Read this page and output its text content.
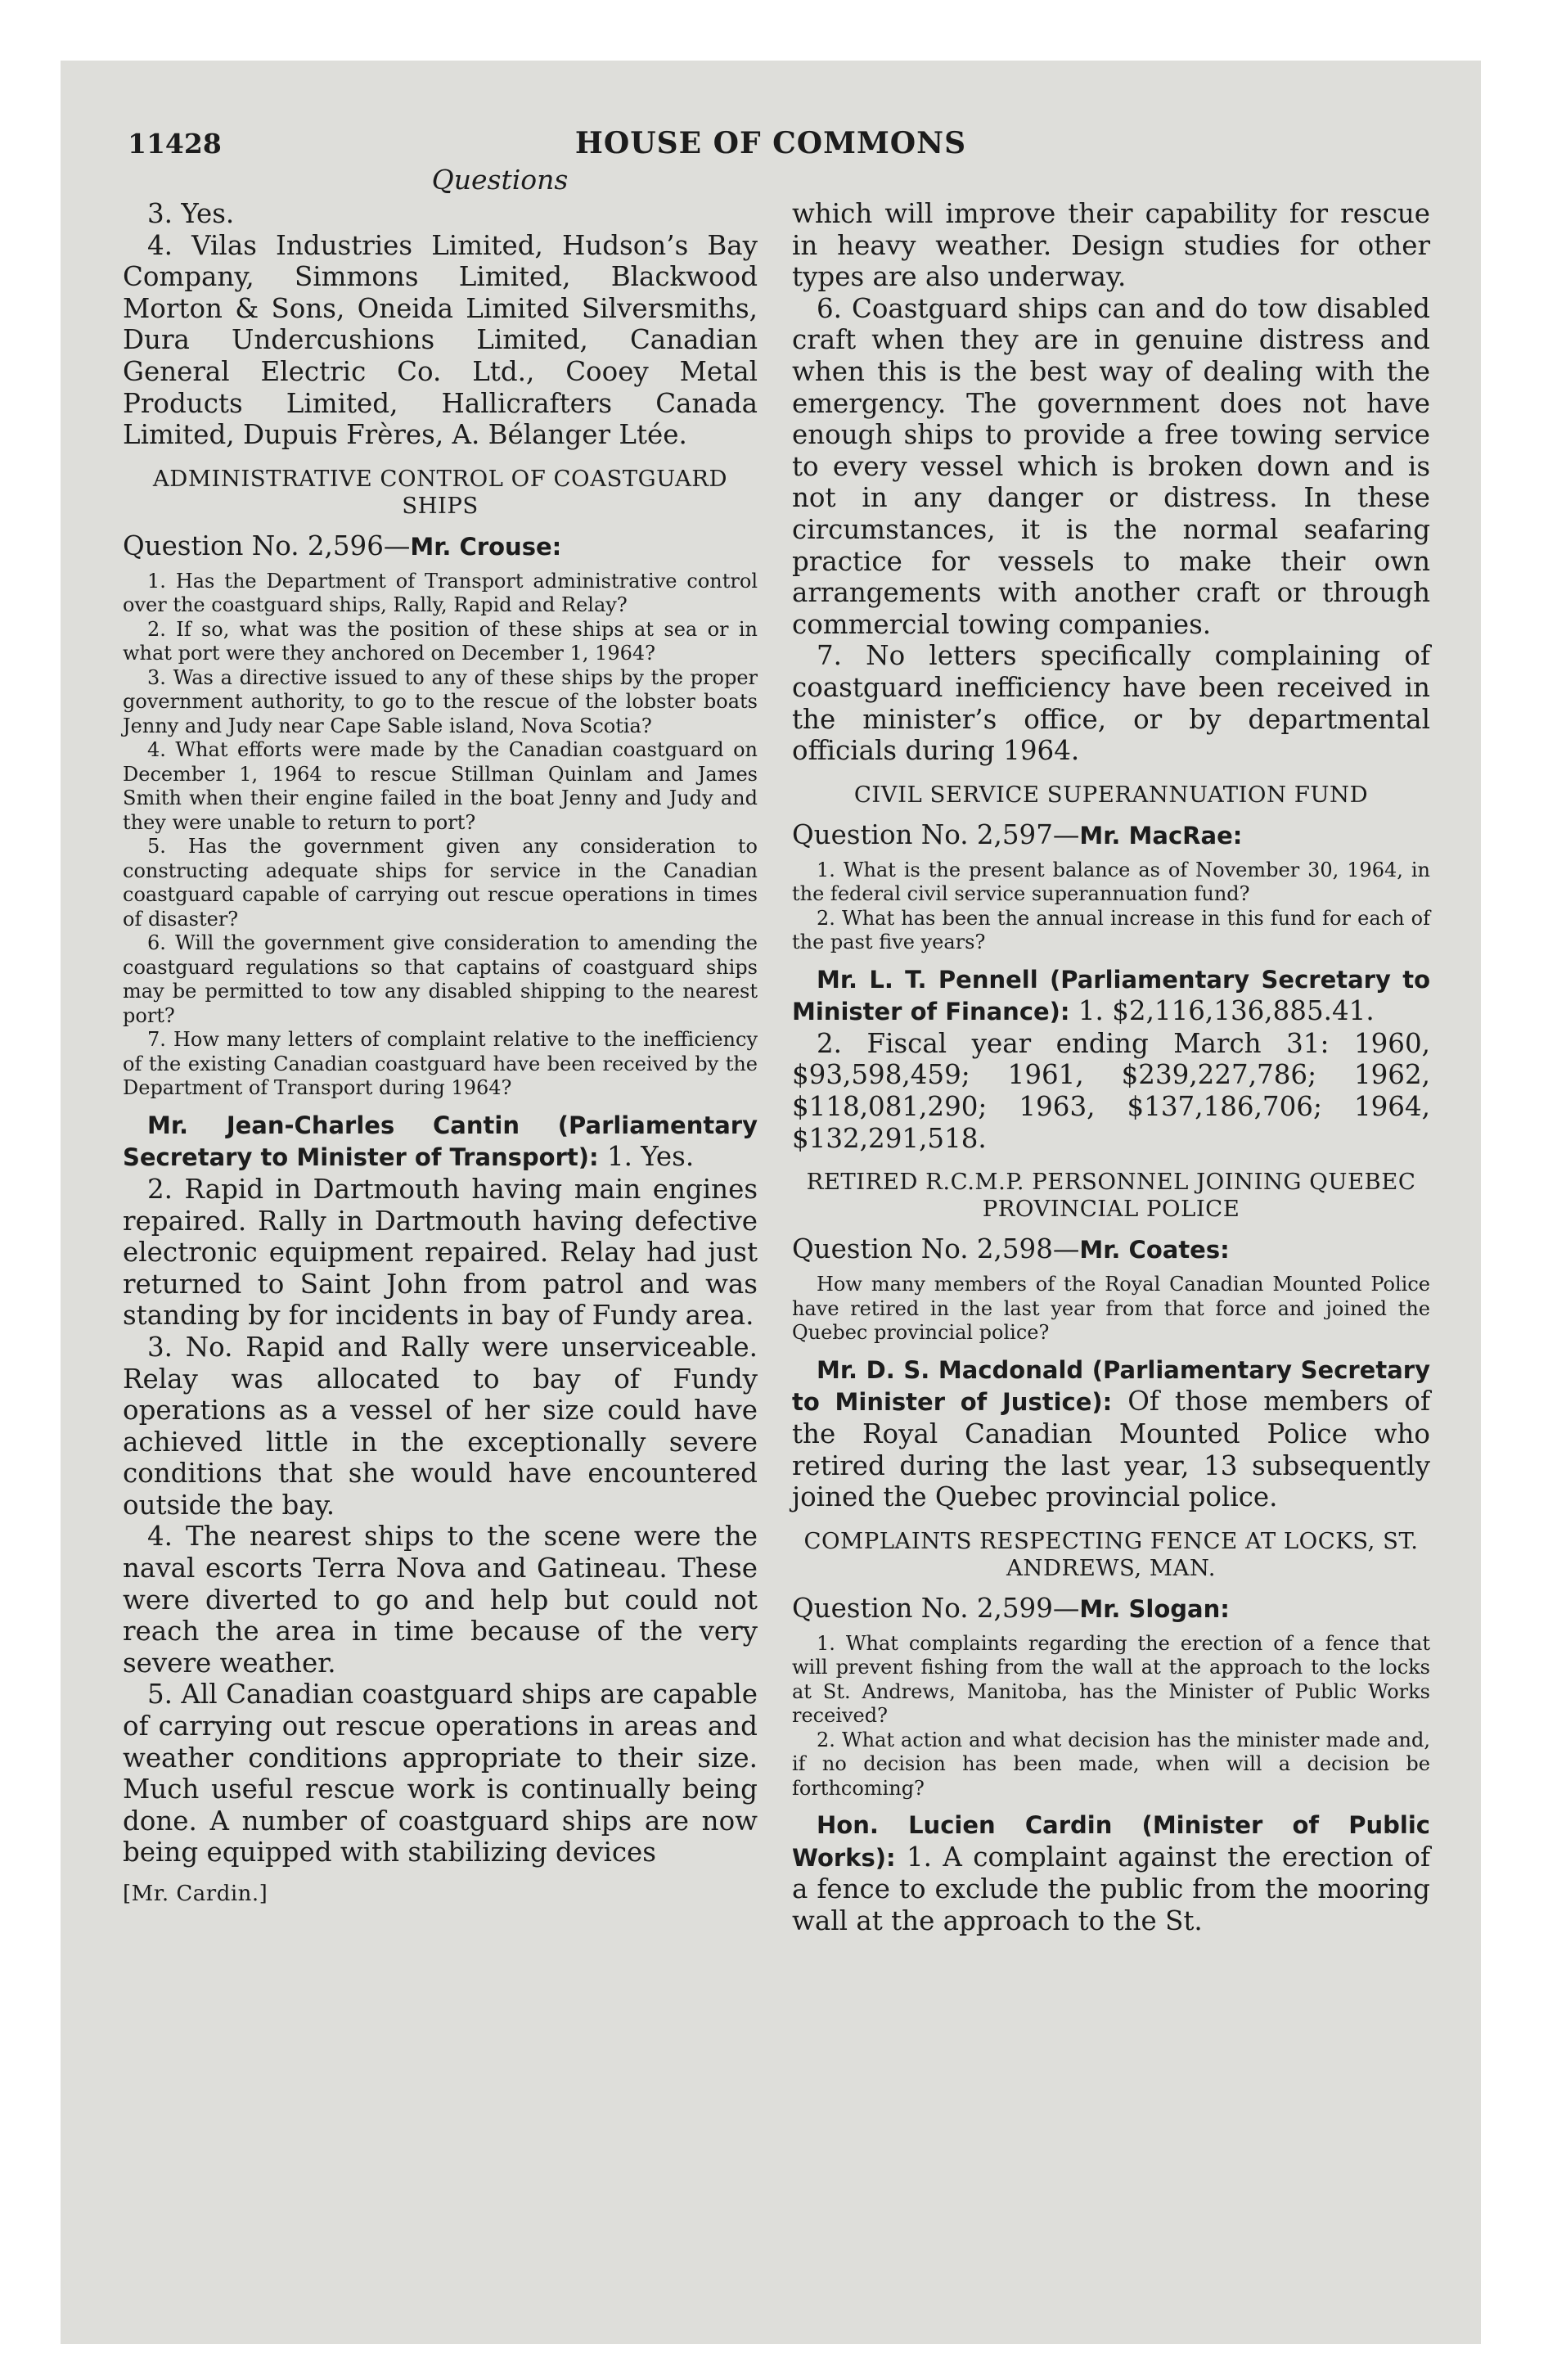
11428	HOUSE OF COMMONS
Questions

3. Yes.

4. Vilas Industries Limited, Hudson’s Bay Company, Simmons Limited, Blackwood Morton & Sons, Oneida Limited Silversmiths, Dura Undercushions Limited, Canadian General Electric Co. Ltd., Cooey Metal Products Limited, Hallicrafters Canada Limited, Dupuis Frères, A. Bélanger Ltée.

ADMINISTRATIVE CONTROL OF COASTGUARD SHIPS
Question No. 2,596—Mr. Crouse:

1. Has the Department of Transport administrative control over the coastguard ships, Rally, Rapid and Relay?

2. If so, what was the position of these ships at sea or in what port were they anchored on December 1, 1964?

3. Was a directive issued to any of these ships by the proper government authority, to go to the rescue of the lobster boats Jenny and Judy near Cape Sable island, Nova Scotia?

4. What efforts were made by the Canadian coastguard on December 1, 1964 to rescue Stillman Quinlam and James Smith when their engine failed in the boat Jenny and Judy and they were unable to return to port?

5. Has the government given any consideration to constructing adequate ships for service in the Canadian coastguard capable of carrying out rescue operations in times of disaster?

6. Will the government give consideration to amending the coastguard regulations so that captains of coastguard ships may be permitted to tow any disabled shipping to the nearest port?

7. How many letters of complaint relative to the inefficiency of the existing Canadian coastguard have been received by the Department of Transport during 1964?

Mr. Jean-Charles Cantin (Parliamentary Secretary to Minister of Transport): 1. Yes.

2. Rapid in Dartmouth having main engines repaired. Rally in Dartmouth having defective electronic equipment repaired. Relay had just returned to Saint John from patrol and was standing by for incidents in bay of Fundy area.

3. No. Rapid and Rally were unserviceable. Relay was allocated to bay of Fundy operations as a vessel of her size could have achieved little in the exceptionally severe conditions that she would have encountered outside the bay.

4. The nearest ships to the scene were the naval escorts Terra Nova and Gatineau. These were diverted to go and help but could not reach the area in time because of the very severe weather.

5. All Canadian coastguard ships are capable of carrying out rescue operations in areas and weather conditions appropriate to their size. Much useful rescue work is continually being done. A number of coastguard ships are now being equipped with stabilizing devices

[Mr. Cardin.]

which will improve their capability for rescue in heavy weather. Design studies for other types are also underway.

6. Coastguard ships can and do tow disabled craft when they are in genuine distress and when this is the best way of dealing with the emergency. The government does not have enough ships to provide a free towing service to every vessel which is broken down and is not in any danger or distress. In these circumstances, it is the normal seafaring practice for vessels to make their own arrangements with another craft or through commercial towing companies.

7. No letters specifically complaining of coastguard inefficiency have been received in the minister’s office, or by departmental officials during 1964.

CIVIL SERVICE SUPERANNUATION FUND
Question No. 2,597—Mr. MacRae:

1. What is the present balance as of November 30, 1964, in the federal civil service superannuation fund?

2. What has been the annual increase in this fund for each of the past five years?

Mr. L. T. Pennell (Parliamentary Secretary to Minister of Finance): 1. $2,116,136,885.41.

2. Fiscal year ending March 31: 1960, $93,598,459; 1961, $239,227,786; 1962, $118,081,290; 1963, $137,186,706; 1964, $132,291,518.

RETIRED R.C.M.P. PERSONNEL JOINING QUEBEC PROVINCIAL POLICE
Question No. 2,598—Mr. Coates:

How many members of the Royal Canadian Mounted Police have retired in the last year from that force and joined the Quebec provincial police?

Mr. D. S. Macdonald (Parliamentary Secretary to Minister of Justice): Of those members of the Royal Canadian Mounted Police who retired during the last year, 13 subsequently joined the Quebec provincial police.

COMPLAINTS RESPECTING FENCE AT LOCKS, ST. ANDREWS, MAN.
Question No. 2,599—Mr. Slogan:

1. What complaints regarding the erection of a fence that will prevent fishing from the wall at the approach to the locks at St. Andrews, Manitoba, has the Minister of Public Works received?

2. What action and what decision has the minister made and, if no decision has been made, when will a decision be forthcoming?

Hon. Lucien Cardin (Minister of Public Works): 1. A complaint against the erection of a fence to exclude the public from the mooring wall at the approach to the St.
